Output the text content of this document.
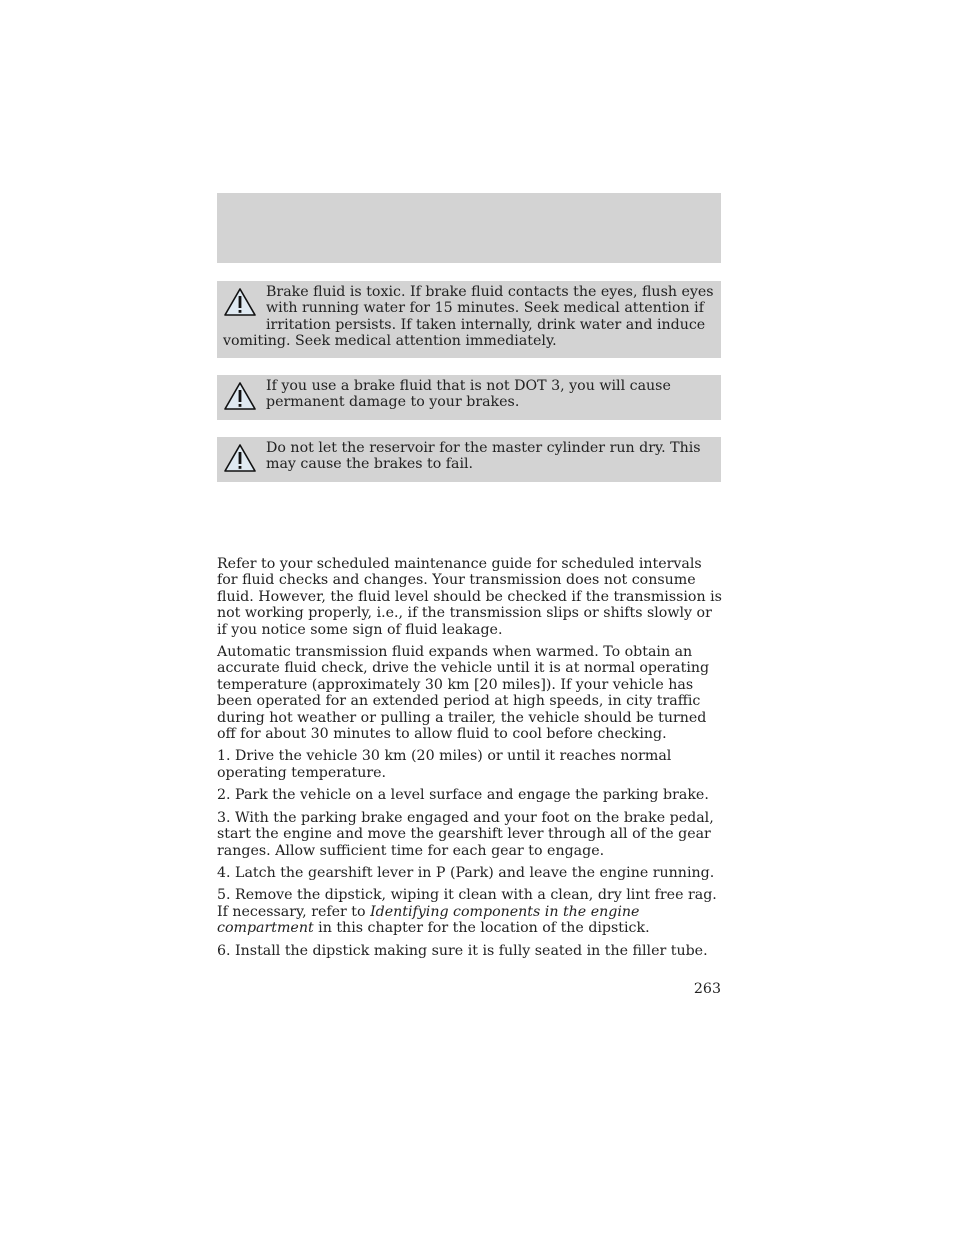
Brake fluid is toxic. If brake fluid contacts the eyes, flush eyes with running water for 15 minutes. Seek medical attention if irritation persists. If taken internally, drink water and induce vomiting. Seek medical attention immediately.
If you use a brake fluid that is not DOT 3, you will cause permanent damage to your brakes.
Do not let the reservoir for the master cylinder run dry. This may cause the brakes to fail.

Refer to your scheduled maintenance guide for scheduled intervals for fluid checks and changes. Your transmission does not consume fluid. However, the fluid level should be checked if the transmission is not working properly, i.e., if the transmission slips or shifts slowly or if you notice some sign of fluid leakage.

Automatic transmission fluid expands when warmed. To obtain an accurate fluid check, drive the vehicle until it is at normal operating temperature (approximately 30 km [20 miles]). If your vehicle has been operated for an extended period at high speeds, in city traffic during hot weather or pulling a trailer, the vehicle should be turned off for about 30 minutes to allow fluid to cool before checking.

1. Drive the vehicle 30 km (20 miles) or until it reaches normal operating temperature.

2. Park the vehicle on a level surface and engage the parking brake.

3. With the parking brake engaged and your foot on the brake pedal, start the engine and move the gearshift lever through all of the gear ranges. Allow sufficient time for each gear to engage.

4. Latch the gearshift lever in P (Park) and leave the engine running.

5. Remove the dipstick, wiping it clean with a clean, dry lint free rag. If necessary, refer to Identifying components in the engine compartment in this chapter for the location of the dipstick.

6. Install the dipstick making sure it is fully seated in the filler tube.

263
